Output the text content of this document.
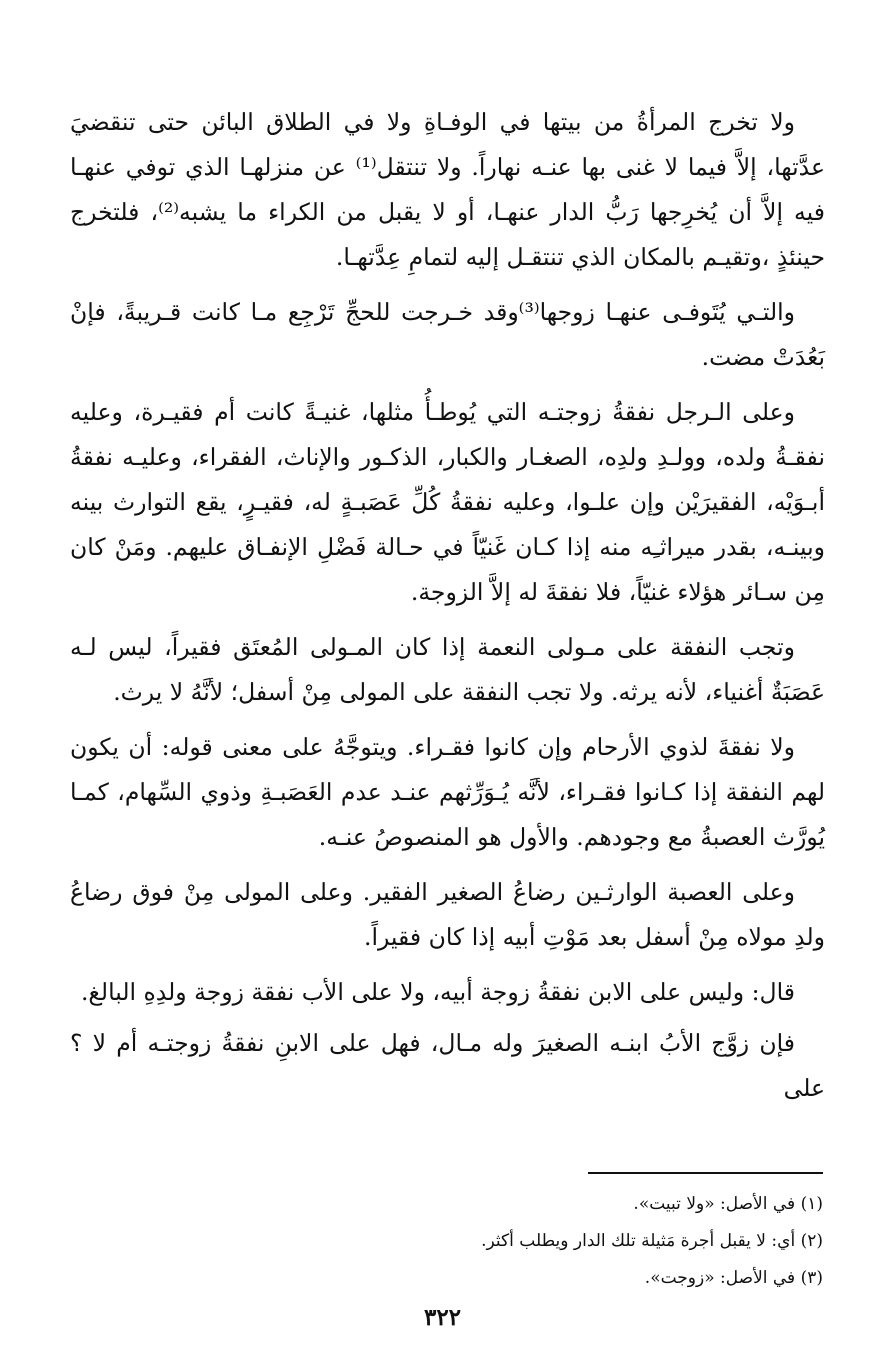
ولا تخرج المرأةُ من بيتها في الوفـاةِ ولا في الطلاق البائن حتى تنقضيَ عدَّتها، إلاَّ فيما لا غنى بها عنـه نهاراً. ولا تنتقل⁽¹⁾ عن منزلهـا الذي توفي عنهـا فيه إلاَّ أن يُخرِجها رَبُّ الدار عنهـا، أو لا يقبل من الكراء ما يشبه⁽²⁾، فلتخرج حينئذٍ ،وتقيـم بالمكان الذي تنتقـل إليه لتمامِ عِدَّتهـا.

والتـي يُتَوفـى عنهـا زوجها⁽³⁾وقد خـرجت للحجِّ تَرْجِع مـا كانت قـريبةً، فإنْ بَعُدَتْ مضت.

وعلى الـرجل نفقةُ زوجتـه التي يُوطـأُ مثلها، غنيـةً كانت أم فقيـرة، وعليه نفقـةُ ولده، وولـدِ ولدِه، الصغـار والكبار، الذكـور والإناث، الفقراء، وعليـه نفقةُ أبـوَيْه، الفقيرَيْن وإن علـوا، وعليه نفقةُ كُلِّ عَصَبـةٍ له، فقيـرٍ، يقع التوارث بينه وبينـه، بقدر ميراثـِه منه إذا كـان غَنيّاً في حـالة فَضْلِ الإنفـاق عليهم. ومَنْ كان مِن سـائر هؤلاء غنيّاً، فلا نفقةَ له إلاَّ الزوجة.

وتجب النفقة على مـولى النعمة إذا كان المـولى المُعتَق فقيراً، ليس لـه عَصَبَةٌ أغنياء، لأنه يرثه. ولا تجب النفقة على المولى مِنْ أسفل؛ لأنَّهُ لا يرث.

ولا نفقةَ لذوي الأرحام وإن كانوا فقـراء. ويتوجَّهُ على معنى قوله: أن يكون لهم النفقة إذا كـانوا فقـراء، لأنَّه يُـوَرِّثهم عنـد عدم العَصَبـةِ وذوي السِّهام، كمـا يُورَّث العصبةُ مع وجودهم. والأول هو المنصوصُ عنـه.

وعلى العصبة الوارثـين رضاعُ الصغير الفقير. وعلى المولى مِنْ فوق رضاعُ ولدِ مولاه مِنْ أسفل بعد مَوْتِ أبيه إذا كان فقيراً.

قال: وليس على الابن نفقةُ زوجة أبيه، ولا على الأب نفقة زوجة ولدِهِ البالغ.

فإن زوَّج الأبُ ابنـه الصغيرَ وله مـال، فهل على الابنِ نفقةُ زوجتـه أم لا ؟ على

(١) في الأصل: «ولا تبيت».

(٢) أي: لا يقبل أجرة مَثيلة تلك الدار ويطلب أكثر.

(٣) في الأصل: «زوجت».

٣٢٢
